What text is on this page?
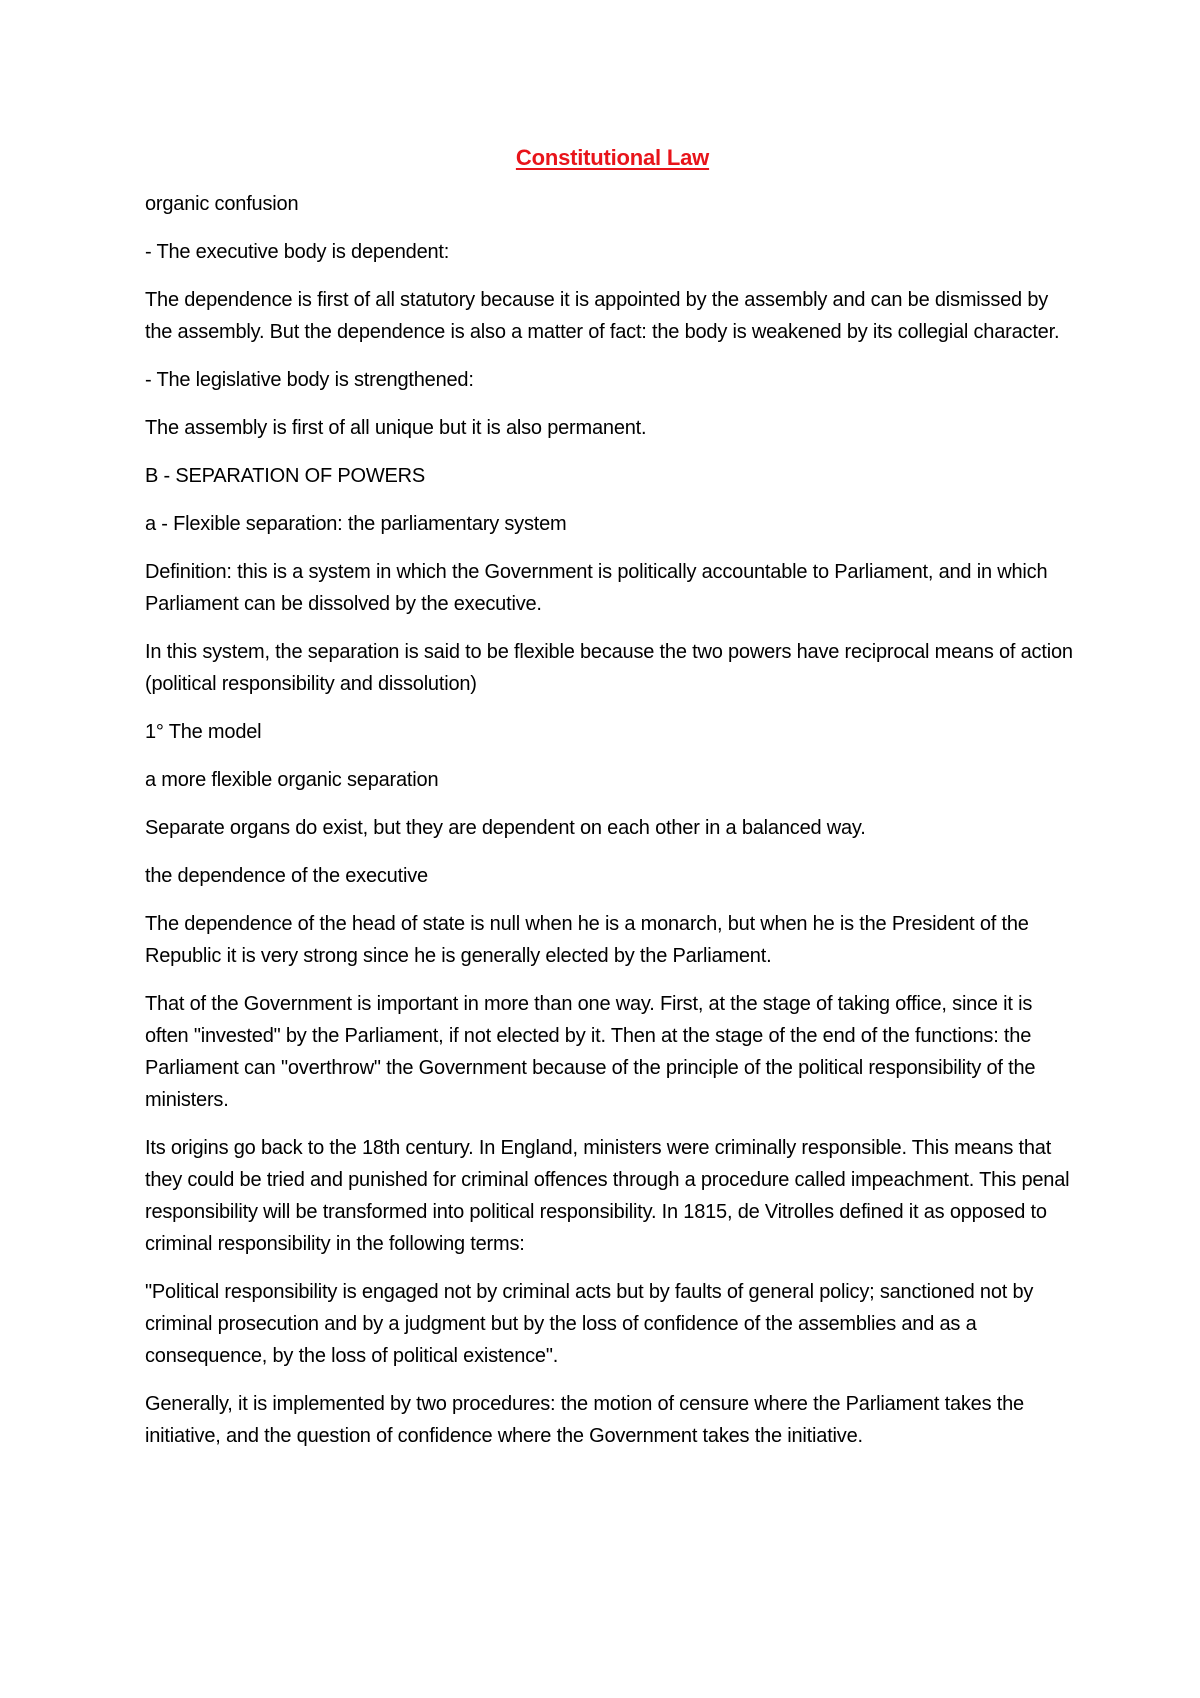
Constitutional Law

organic confusion

- The executive body is dependent:

The dependence is first of all statutory because it is appointed by the assembly and can be dismissed by the assembly. But the dependence is also a matter of fact: the body is weakened by its collegial character.

- The legislative body is strengthened:

The assembly is first of all unique but it is also permanent.

B - SEPARATION OF POWERS

a - Flexible separation: the parliamentary system

Definition: this is a system in which the Government is politically accountable to Parliament, and in which Parliament can be dissolved by the executive.

In this system, the separation is said to be flexible because the two powers have reciprocal means of action (political responsibility and dissolution)

1° The model

a more flexible organic separation

Separate organs do exist, but they are dependent on each other in a balanced way.

the dependence of the executive

The dependence of the head of state is null when he is a monarch, but when he is the President of the Republic it is very strong since he is generally elected by the Parliament.

That of the Government is important in more than one way. First, at the stage of taking office, since it is often "invested" by the Parliament, if not elected by it. Then at the stage of the end of the functions: the Parliament can "overthrow" the Government because of the principle of the political responsibility of the ministers.

Its origins go back to the 18th century. In England, ministers were criminally responsible. This means that they could be tried and punished for criminal offences through a procedure called impeachment. This penal responsibility will be transformed into political responsibility. In 1815, de Vitrolles defined it as opposed to criminal responsibility in the following terms:

"Political responsibility is engaged not by criminal acts but by faults of general policy; sanctioned not by criminal prosecution and by a judgment but by the loss of confidence of the assemblies and as a consequence, by the loss of political existence".

Generally, it is implemented by two procedures: the motion of censure where the Parliament takes the initiative, and the question of confidence where the Government takes the initiative.
